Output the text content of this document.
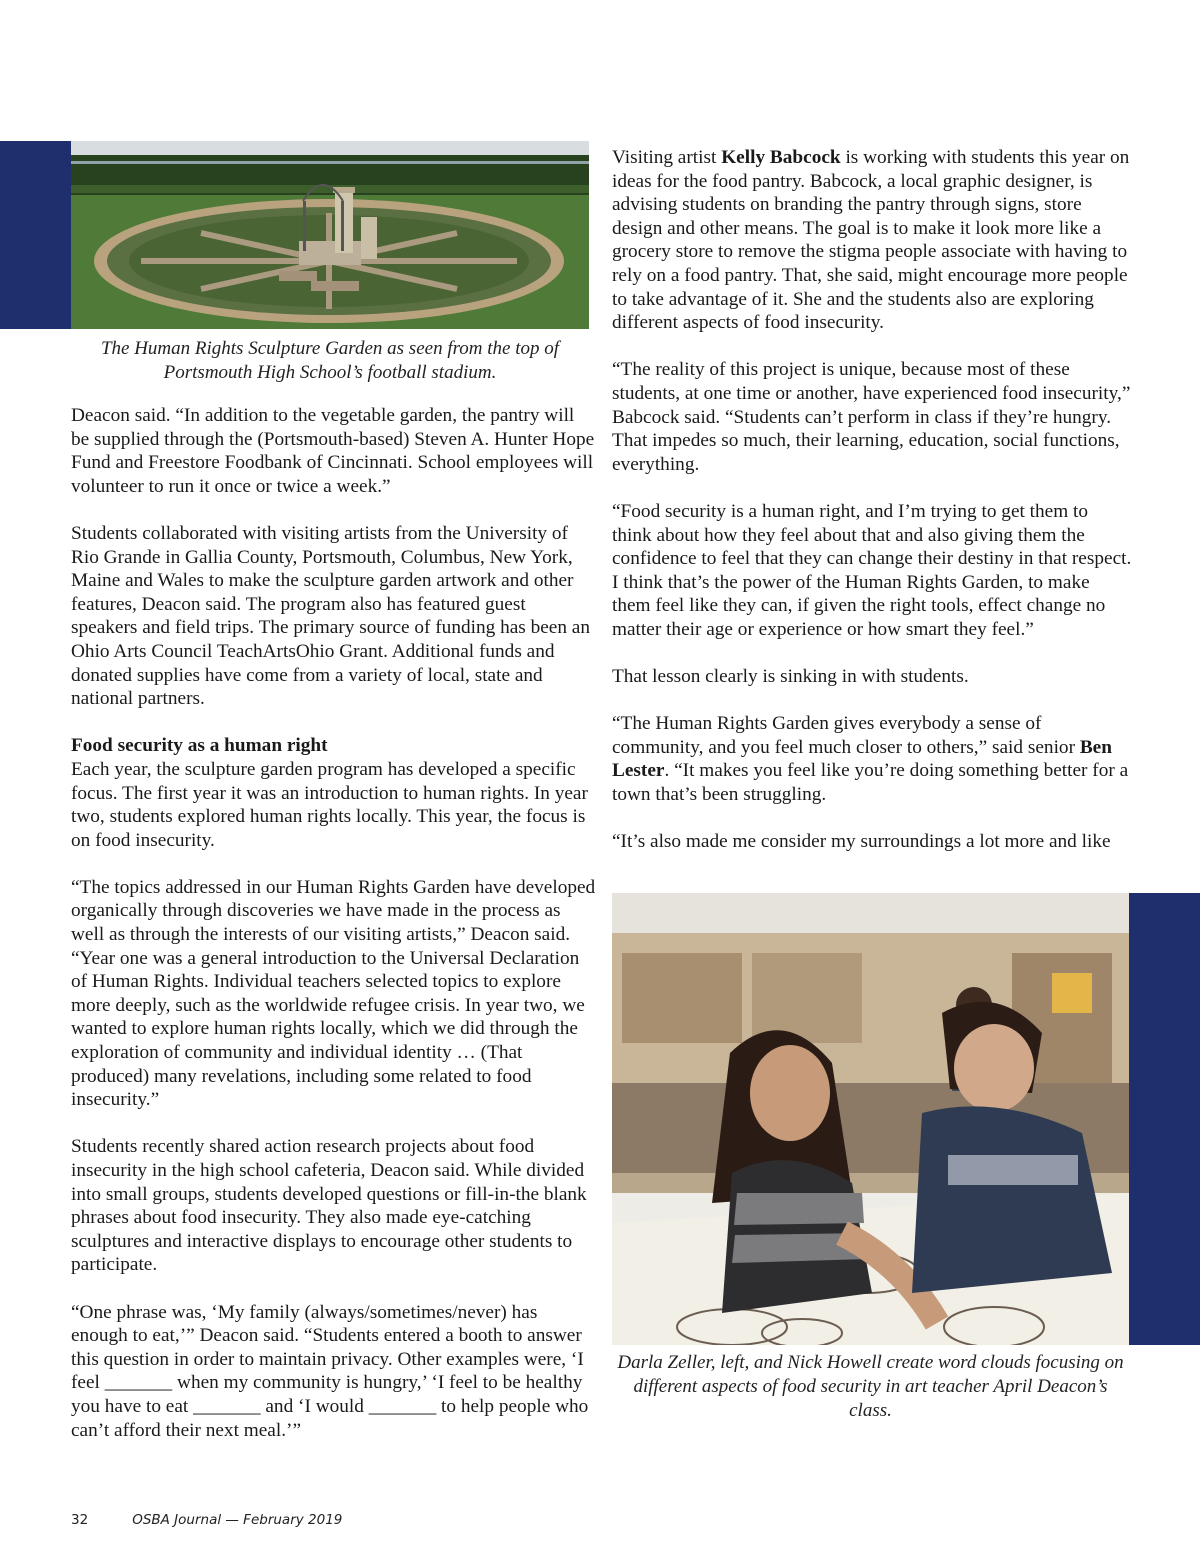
The Human Rights Sculpture Garden as seen from the top of
Portsmouth High School’s football stadium.

Deacon said. “In addition to the vegetable garden, the pantry will be supplied through the (Portsmouth-based) Steven A. Hunter Hope Fund and Freestore Foodbank of Cincinnati. School employees will volunteer to run it once or twice a week.”

Students collaborated with visiting artists from the University of Rio Grande in Gallia County, Portsmouth, Columbus, New York, Maine and Wales to make the sculpture garden artwork and other features, Deacon said. The program also has featured guest speakers and field trips. The primary source of funding has been an Ohio Arts Council TeachArtsOhio Grant. Additional funds and donated supplies have come from a variety of local, state and national partners.

Food security as a human right

Each year, the sculpture garden program has developed a specific focus. The first year it was an introduction to human rights. In year two, students explored human rights locally. This year, the focus is on food insecurity.

“The topics addressed in our Human Rights Garden have developed organically through discoveries we have made in the process as well as through the interests of our visiting artists,” Deacon said. “Year one was a general introduction to the Universal Declaration of Human Rights. Individual teachers selected topics to explore more deeply, such as the worldwide refugee crisis. In year two, we wanted to explore human rights locally, which we did through the exploration of community and individual identity … (That produced) many revelations, including some related to food insecurity.”

Students recently shared action research projects about food insecurity in the high school cafeteria, Deacon said. While divided into small groups, students developed questions or fill-in-the blank phrases about food insecurity. They also made eye-catching sculptures and interactive displays to encourage other students to participate.

“One phrase was, ‘My family (always/sometimes/never) has enough to eat,’” Deacon said. “Students entered a booth to answer this question in order to maintain privacy. Other examples were, ‘I feel _______ when my community is hungry,’ ‘I feel to be healthy you have to eat _______ and ‘I would _______ to help people who can’t afford their next meal.’”

Visiting artist Kelly Babcock is working with students this year on ideas for the food pantry. Babcock, a local graphic designer, is advising students on branding the pantry through signs, store design and other means. The goal is to make it look more like a grocery store to remove the stigma people associate with having to rely on a food pantry. That, she said, might encourage more people to take advantage of it. She and the students also are exploring different aspects of food insecurity.

“The reality of this project is unique, because most of these students, at one time or another, have experienced food insecurity,” Babcock said. “Students can’t perform in class if they’re hungry. That impedes so much, their learning, education, social functions, everything.

“Food security is a human right, and I’m trying to get them to think about how they feel about that and also giving them the confidence to feel that they can change their destiny in that respect. I think that’s the power of the Human Rights Garden, to make them feel like they can, if given the right tools, effect change no matter their age or experience or how smart they feel.”

That lesson clearly is sinking in with students.

“The Human Rights Garden gives everybody a sense of community, and you feel much closer to others,” said senior Ben Lester. “It makes you feel like you’re doing something better for a town that’s been struggling.

“It’s also made me consider my surroundings a lot more and like

Darla Zeller, left, and Nick Howell create word clouds focusing on
different aspects of food security in art teacher April Deacon’s class.
32	OSBA Journal — February 2019
